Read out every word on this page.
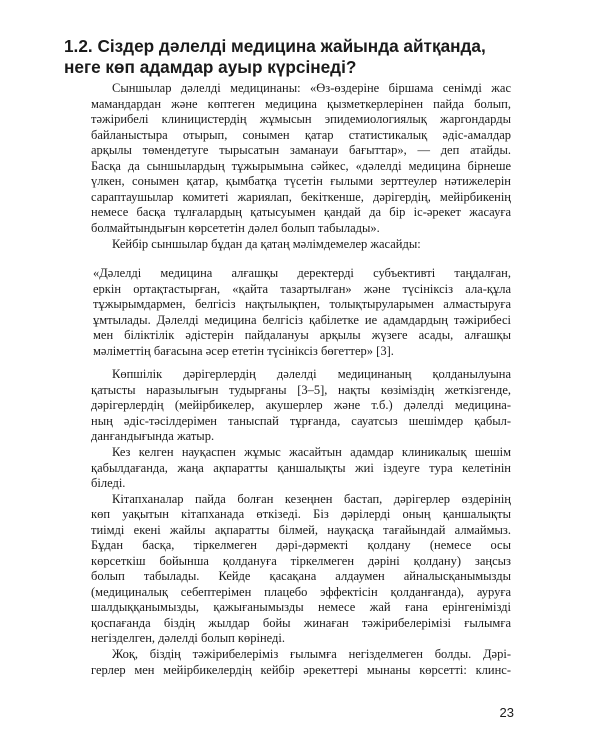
1.2. Сіздер дәлелді медицина жайында айтқанда,
неге көп адамдар ауыр күрсінеді?
Сыншылар дәлелді медицинаны: «Өз-өздеріне біршама сенімді жас
мамандардан және көптеген медицина қызметкерлерінен пайда болып,
тәжірибелі клиницистердің жұмысын эпидемиологиялық жаргондарды
байланыстыра отырып, сонымен қатар статистикалық әдіс-амалдар
арқылы төмендетуге тырысатын заманауи бағыттар», — деп атайды.
Басқа да сыншылардың тұжырымына сәйкес, «дәлелді медицина бірнеше
үлкен, сонымен қатар, қымбатқа түсетін ғылыми зерттеулер нәтижелерін
сараптаушылар комитеті жариялап, бекіткенше, дәрігердің, мейірбикенің
немесе басқа тұлғалардың қатысуымен қандай да бір іс-әрекет жасауға
болмайтындығын көрсететін дәлел болып табылады».
Кейбір сыншылар бұдан да қатаң мәлімдемелер жасайды:
«Дәлелді медицина алғашқы деректерді субъективті таңдалған,
еркін ортақтастырған, «қайта тазартылған» және түсініксіз ала-құла
тұжырымдармен, белгісіз нақтылықпен, толықтыруларымен алмастыруға
ұмтылады. Дәлелді медицина белгісіз қабілетке ие адамдардың тәжірибесі
мен біліктілік әдістерін пайдалануы арқылы жүзеге асады, алғашқы
мәліметтің бағасына әсер ететін түсініксіз бөгеттер» [3].
Көпшілік дәрігерлердің дәлелді медицинаның қолданылуына
қатысты наразылығын тудырғаны [3–5], нақты көзіміздің жеткізгенде,
дәрігерлердің (мейірбикелер, акушерлер және т.б.) дәлелді медицина-
ның әдіс-тәсілдерімен таныспай тұрғанда, сауатсыз шешімдер қабыл-
данғандығында жатыр.
Кез келген науқаспен жұмыс жасайтын адамдар клиникалық шешім
қабылдағанда, жаңа ақпаратты қаншалықты жиі іздеуге тура келетінін
біледі.
Кітапханалар пайда болған кезеңнен бастап, дәрігерлер өздерінің
көп уақытын кітапханада өткізеді. Біз дәрілерді оның қаншалықты
тиімді екені жайлы ақпаратты білмей, науқасқа тағайындай алмаймыз.
Бұдан басқа, тіркелмеген дәрі-дәрмекті қолдану (немесе осы
көрсеткіш бойынша қолдануға тіркелмеген дәріні қолдану) заңсыз
болып табылады. Кейде қасақана алдаумен айналысқанымызды
(медициналық себептерімен плацебо эффектісін қолданғанда), ауруға
шалдыққанымызды, қажығанымызды немесе жай ғана ерінгенімізді
қоспағанда біздің жылдар бойы жинаған тәжірибелерімізі ғылымға
негізделген, дәлелді болып көрінеді.
Жоқ, біздің тәжірибелеріміз ғылымға негізделмеген болды. Дәрі-
герлер мен мейірбикелердің кейбір әрекеттері мынаны көрсетті: клинс-
23
